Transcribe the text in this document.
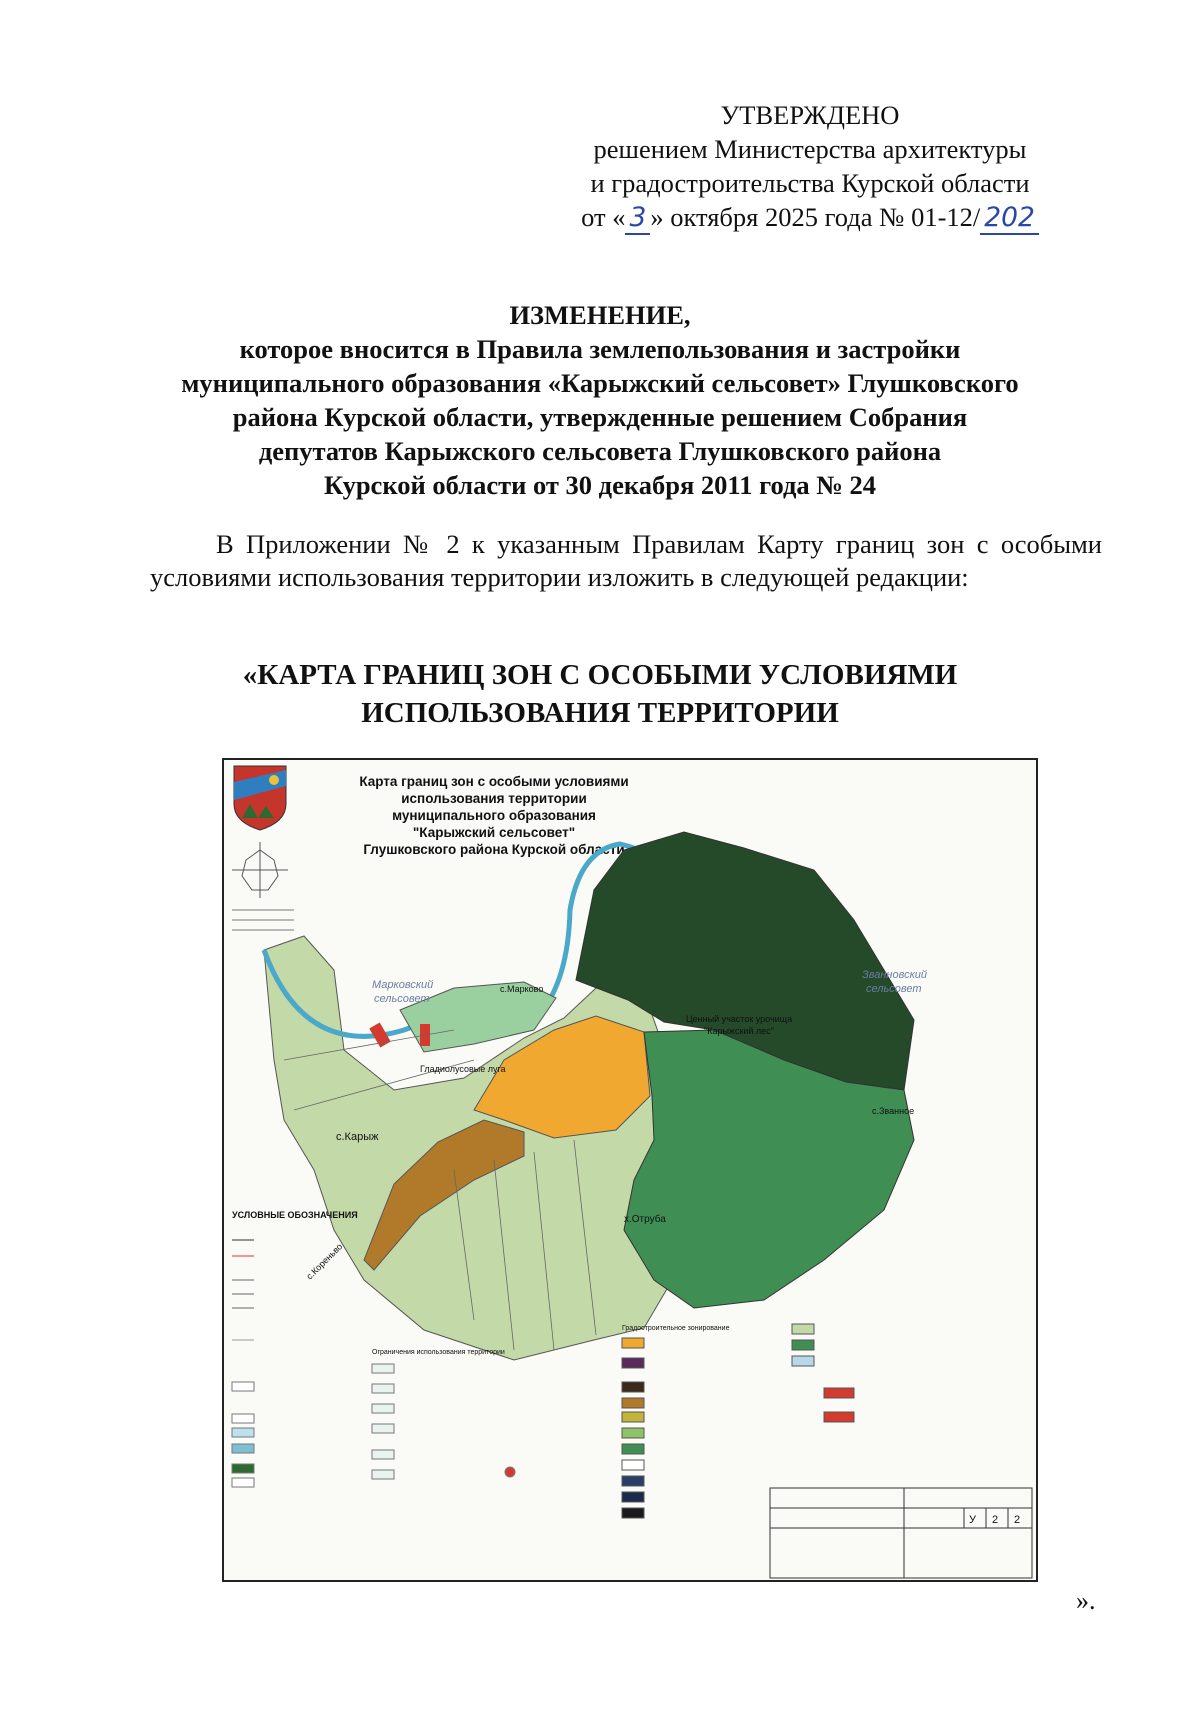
УТВЕРЖДЕНО
решением Министерства архитектуры
и градостроительства Курской области
от « 3 » октября 2025 года № 01-12/ 202
ИЗМЕНЕНИЕ,
которое вносится в Правила землепользования и застройки
муниципального образования «Карыжский сельсовет» Глушковского
района Курской области, утвержденные решением Собрания
депутатов Карыжского сельсовета Глушковского района
Курской области от 30 декабря 2011 года № 24
В Приложении № 2 к указанным Правилам Карту границ зон с особыми условиями использования территории изложить в следующей редакции:
«КАРТА ГРАНИЦ ЗОН С ОСОБЫМИ УСЛОВИЯМИ
ИСПОЛЬЗОВАНИЯ ТЕРРИТОРИИ
Карта границ зон с особыми условиями
использования территории
муниципального образования
"Карыжский сельсовет"
Глушковского района Курской области
Марковский
сельсовет
Званновский
сельсовет
с.Марково
Гладиолусовые луга
с.Карыж
Ценный участок урочища
"Карыжский лес"
с.Званное
х.Отруба
с.Кореньво
УСЛОВНЫЕ ОБОЗНАЧЕНИЯ
Ограничения использования территории
Градостроительное зонирование
У 2 2
».
